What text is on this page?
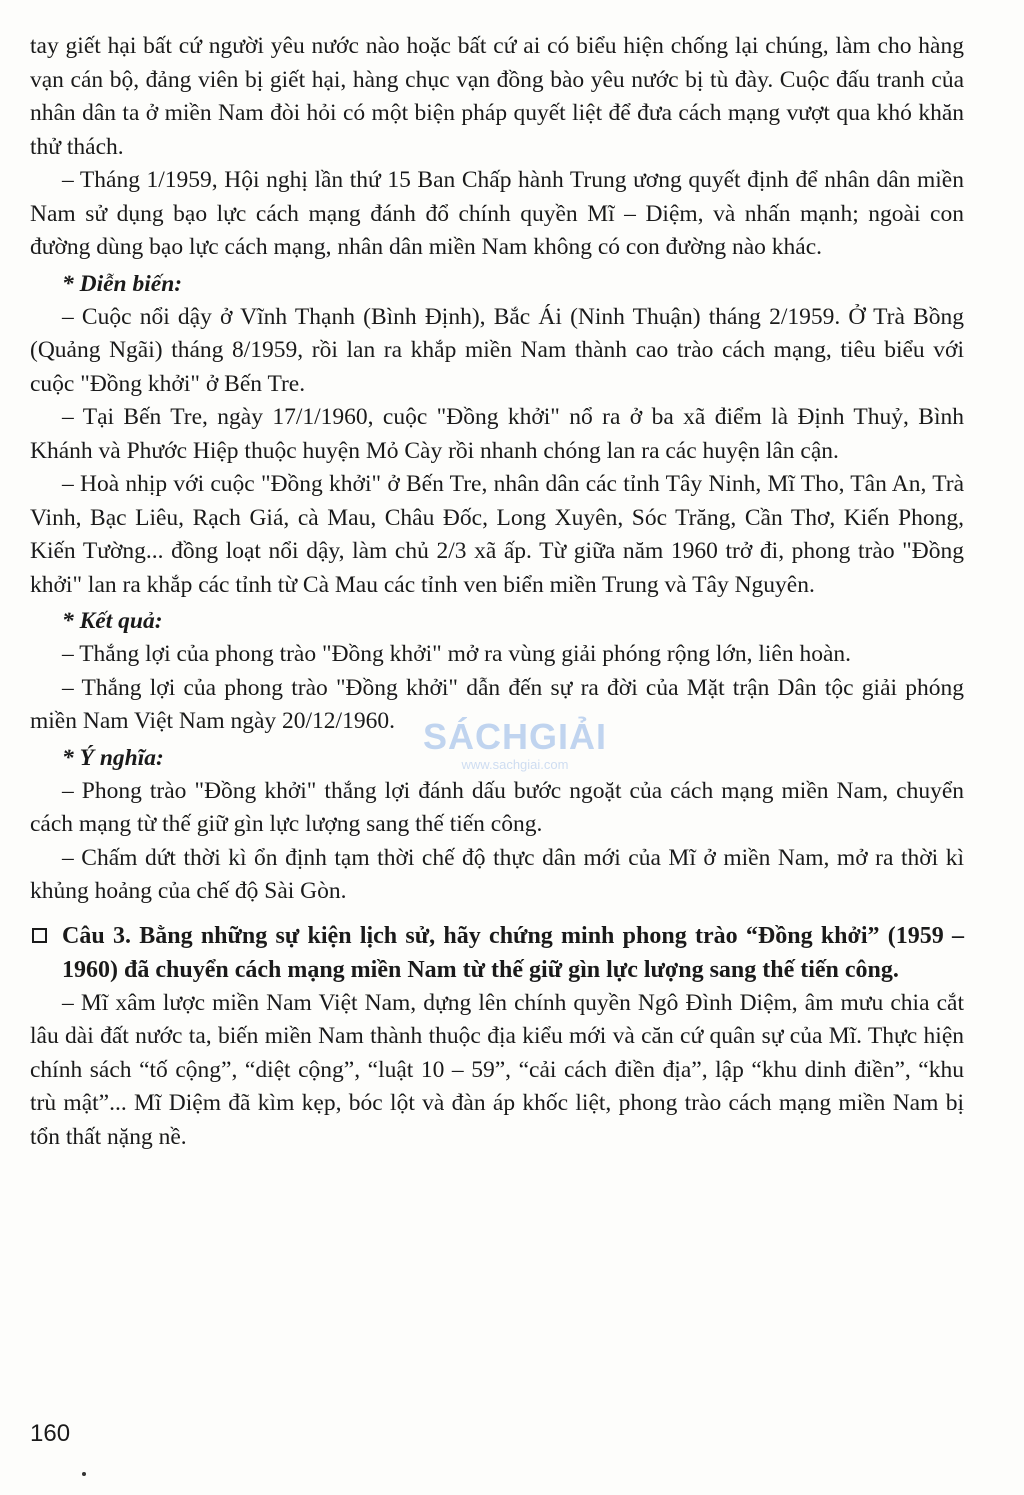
tay giết hại bất cứ người yêu nước nào hoặc bất cứ ai có biểu hiện chống lại chúng, làm cho hàng vạn cán bộ, đảng viên bị giết hại, hàng chục vạn đồng bào yêu nước bị tù đày. Cuộc đấu tranh của nhân dân ta ở miền Nam đòi hỏi có một biện pháp quyết liệt để đưa cách mạng vượt qua khó khăn thử thách.

– Tháng 1/1959, Hội nghị lần thứ 15 Ban Chấp hành Trung ương quyết định để nhân dân miền Nam sử dụng bạo lực cách mạng đánh đổ chính quyền Mĩ – Diệm, và nhấn mạnh; ngoài con đường dùng bạo lực cách mạng, nhân dân miền Nam không có con đường nào khác.

* Diễn biến:

– Cuộc nổi dậy ở Vĩnh Thạnh (Bình Định), Bắc Ái (Ninh Thuận) tháng 2/1959. Ở Trà Bồng (Quảng Ngãi) tháng 8/1959, rồi lan ra khắp miền Nam thành cao trào cách mạng, tiêu biểu với cuộc "Đồng khởi" ở Bến Tre.

– Tại Bến Tre, ngày 17/1/1960, cuộc "Đồng khởi" nổ ra ở ba xã điểm là Định Thuỷ, Bình Khánh và Phước Hiệp thuộc huyện Mỏ Cày rồi nhanh chóng lan ra các huyện lân cận.

– Hoà nhịp với cuộc "Đồng khởi" ở Bến Tre, nhân dân các tỉnh Tây Ninh, Mĩ Tho, Tân An, Trà Vinh, Bạc Liêu, Rạch Giá, cà Mau, Châu Đốc, Long Xuyên, Sóc Trăng, Cần Thơ, Kiến Phong, Kiến Tường... đồng loạt nổi dậy, làm chủ 2/3 xã ấp. Từ giữa năm 1960 trở đi, phong trào "Đồng khởi" lan ra khắp các tỉnh từ Cà Mau các tỉnh ven biển miền Trung và Tây Nguyên.

* Kết quả:

– Thắng lợi của phong trào "Đồng khởi" mở ra vùng giải phóng rộng lớn, liên hoàn.

– Thắng lợi của phong trào "Đồng khởi" dẫn đến sự ra đời của Mặt trận Dân tộc giải phóng miền Nam Việt Nam ngày 20/12/1960.

* Ý nghĩa:

– Phong trào "Đồng khởi" thắng lợi đánh dấu bước ngoặt của cách mạng miền Nam, chuyển cách mạng từ thế giữ gìn lực lượng sang thế tiến công.

– Chấm dứt thời kì ổn định tạm thời chế độ thực dân mới của Mĩ ở miền Nam, mở ra thời kì khủng hoảng của chế độ Sài Gòn.

Câu 3. Bằng những sự kiện lịch sử, hãy chứng minh phong trào “Đồng khởi” (1959 – 1960) đã chuyển cách mạng miền Nam từ thế giữ gìn lực lượng sang thế tiến công.

– Mĩ xâm lược miền Nam Việt Nam, dựng lên chính quyền Ngô Đình Diệm, âm mưu chia cắt lâu dài đất nước ta, biến miền Nam thành thuộc địa kiểu mới và căn cứ quân sự của Mĩ. Thực hiện chính sách “tố cộng”, “diệt cộng”, “luật 10 – 59”, “cải cách điền địa”, lập “khu dinh điền”, “khu trù mật”... Mĩ Diệm đã kìm kẹp, bóc lột và đàn áp khốc liệt, phong trào cách mạng miền Nam bị tổn thất nặng nề.

SÁCHGIẢI
www.sachgiai.com
160
